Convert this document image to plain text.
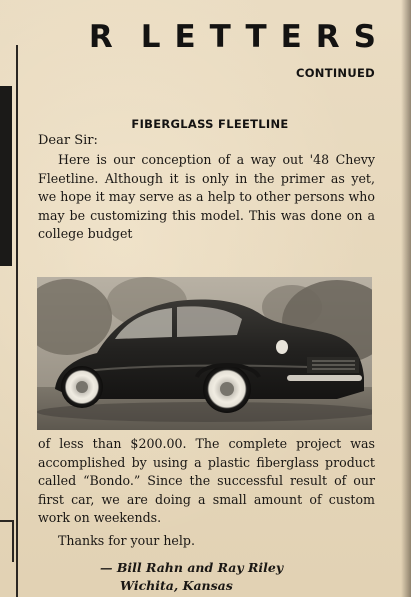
R LETTERS
CONTINUED
FIBERGLASS FLEETLINE
Dear Sir:
Here is our conception of a way out '48 Chevy Fleetline. Although it is only in the primer as yet, we hope it may serve as a help to other persons who may be customizing this model. This was done on a college budget
of less than $200.00. The complete project was accomplished by using a plastic fiberglass product called “Bondo.” Since the successful result of our first car, we are doing a small amount of custom work on weekends.
Thanks for your help.
— Bill Rahn and Ray Riley
Wichita, Kansas
